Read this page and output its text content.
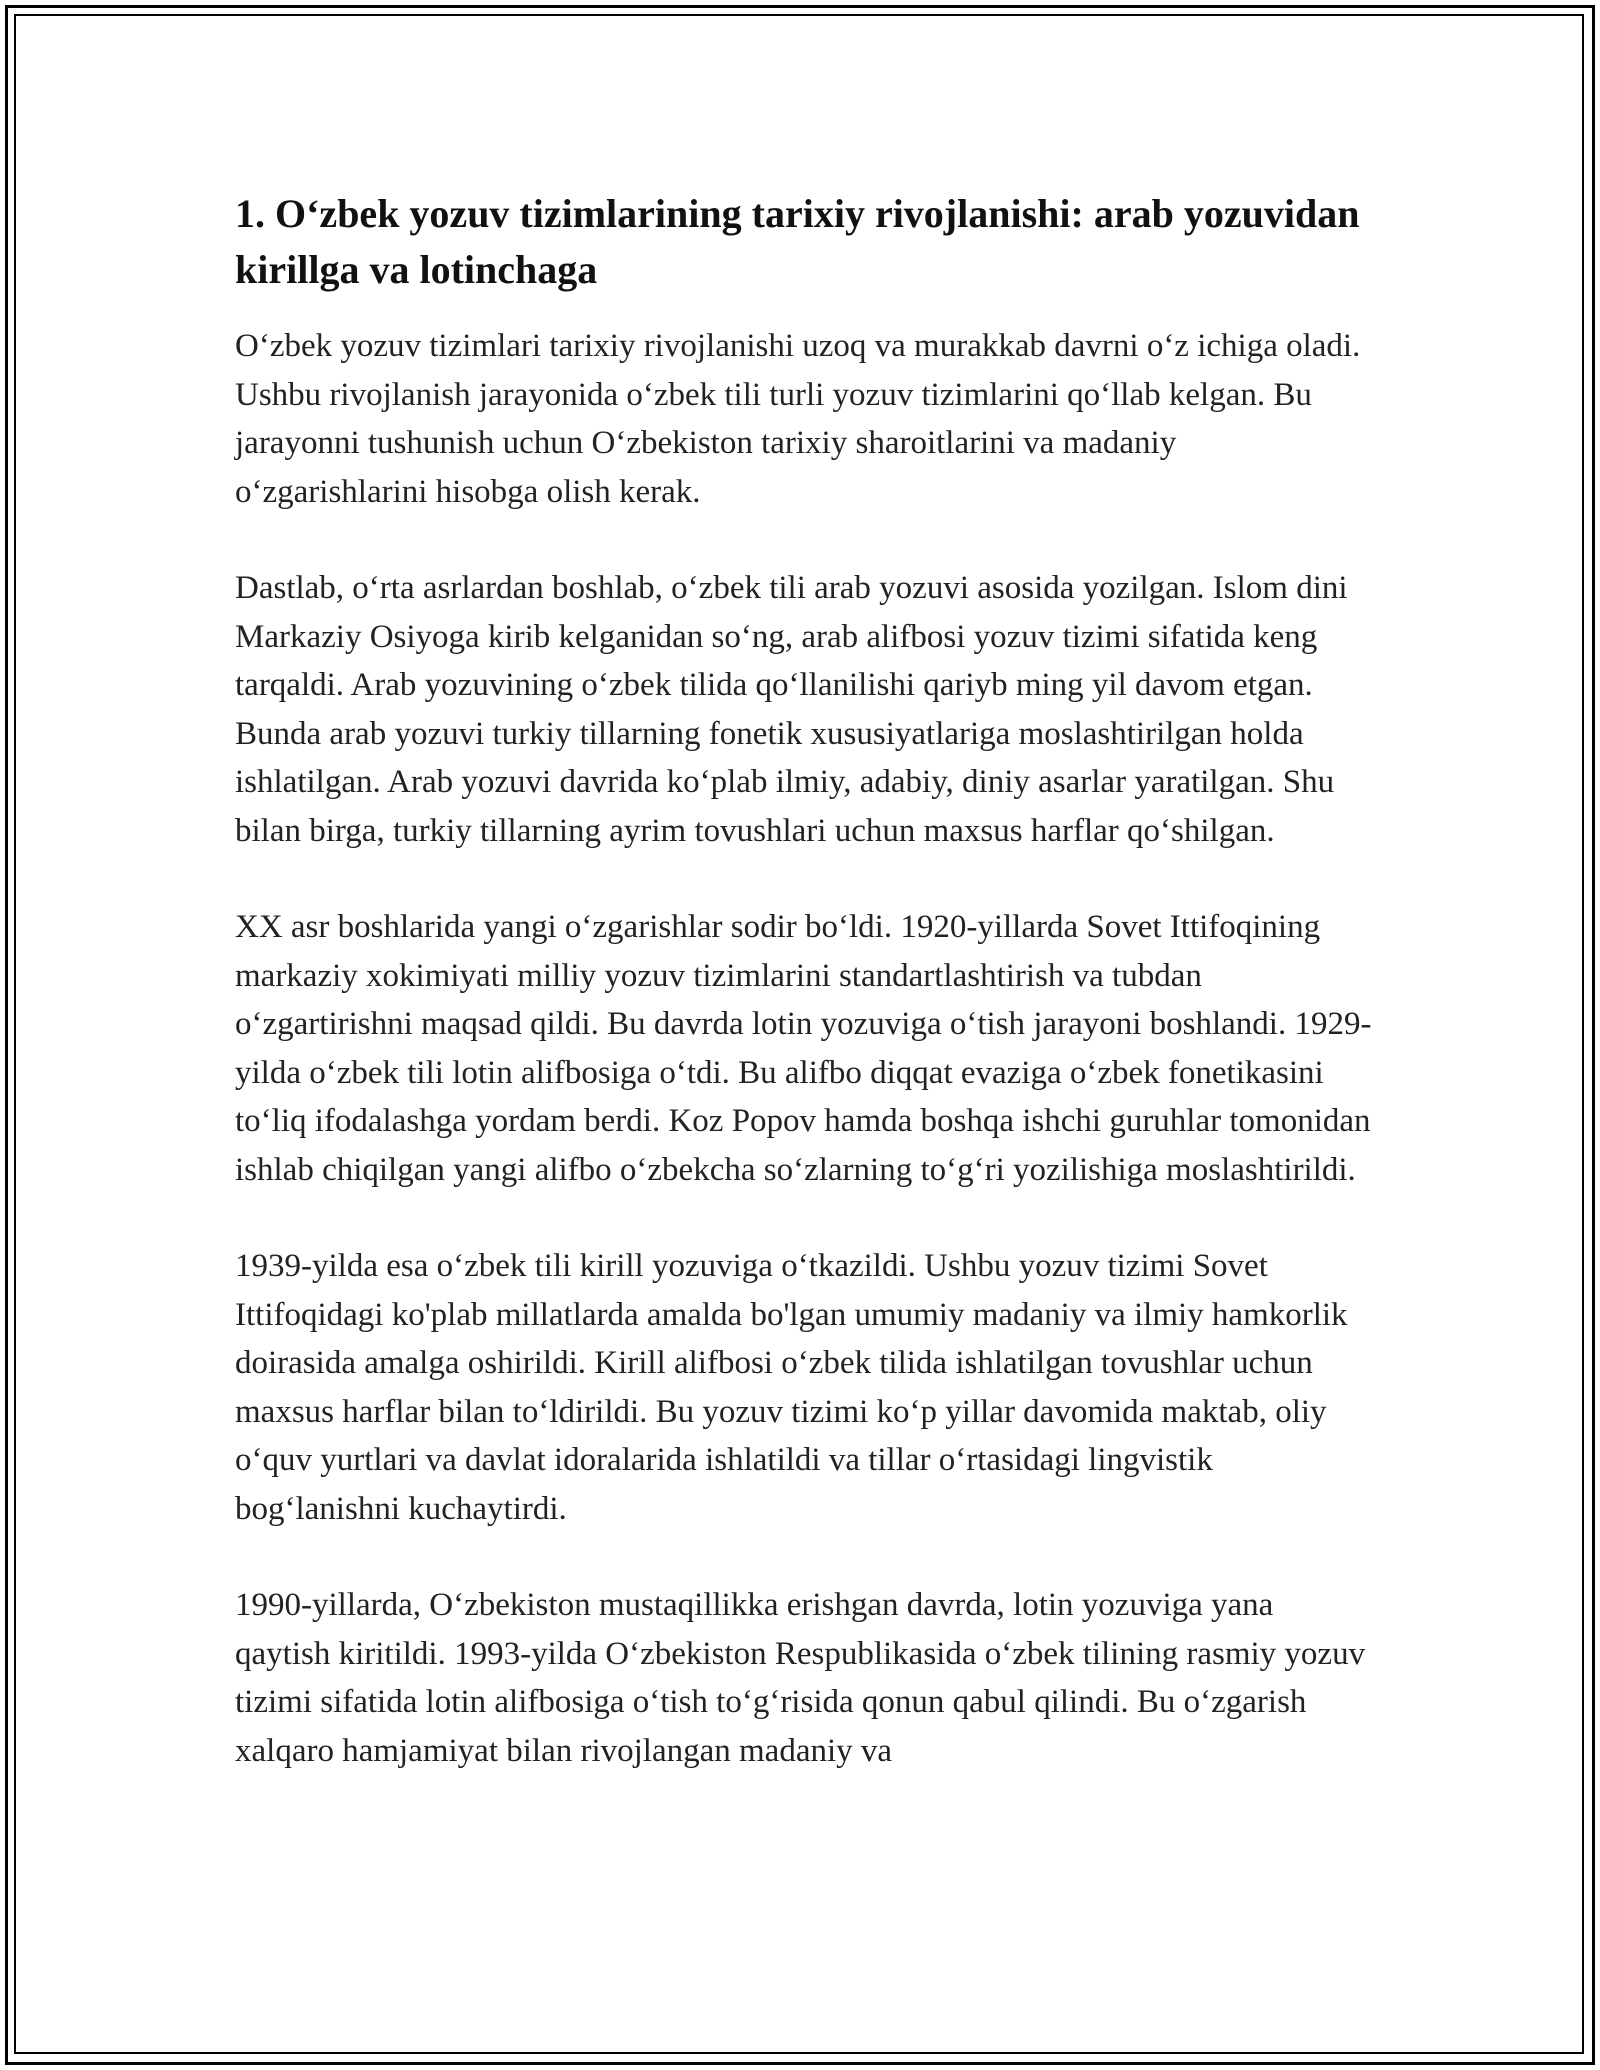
1. O‘zbek yozuv tizimlarining tarixiy rivojlanishi: arab yozuvidan kirillga va lotinchaga

O‘zbek yozuv tizimlari tarixiy rivojlanishi uzoq va murakkab davrni o‘z ichiga oladi. Ushbu rivojlanish jarayonida o‘zbek tili turli yozuv tizimlarini qo‘llab kelgan. Bu jarayonni tushunish uchun O‘zbekiston tarixiy sharoitlarini va madaniy o‘zgarishlarini hisobga olish kerak.

Dastlab, o‘rta asrlardan boshlab, o‘zbek tili arab yozuvi asosida yozilgan. Islom dini Markaziy Osiyoga kirib kelganidan so‘ng, arab alifbosi yozuv tizimi sifatida keng tarqaldi. Arab yozuvining o‘zbek tilida qo‘llanilishi qariyb ming yil davom etgan. Bunda arab yozuvi turkiy tillarning fonetik xususiyatlariga moslashtirilgan holda ishlatilgan. Arab yozuvi davrida ko‘plab ilmiy, adabiy, diniy asarlar yaratilgan. Shu bilan birga, turkiy tillarning ayrim tovushlari uchun maxsus harflar qo‘shilgan.

XX asr boshlarida yangi o‘zgarishlar sodir bo‘ldi. 1920-yillarda Sovet Ittifoqining markaziy xokimiyati milliy yozuv tizimlarini standartlashtirish va tubdan o‘zgartirishni maqsad qildi. Bu davrda lotin yozuviga o‘tish jarayoni boshlandi. 1929-yilda o‘zbek tili lotin alifbosiga o‘tdi. Bu alifbo diqqat evaziga o‘zbek fonetikasini to‘liq ifodalashga yordam berdi. Koz Popov hamda boshqa ishchi guruhlar tomonidan ishlab chiqilgan yangi alifbo o‘zbekcha so‘zlarning to‘g‘ri yozilishiga moslashtirildi.

1939-yilda esa o‘zbek tili kirill yozuviga o‘tkazildi. Ushbu yozuv tizimi Sovet Ittifoqidagi ko'plab millatlarda amalda bo'lgan umumiy madaniy va ilmiy hamkorlik doirasida amalga oshirildi. Kirill alifbosi o‘zbek tilida ishlatilgan tovushlar uchun maxsus harflar bilan to‘ldirildi. Bu yozuv tizimi ko‘p yillar davomida maktab, oliy o‘quv yurtlari va davlat idoralarida ishlatildi va tillar o‘rtasidagi lingvistik bog‘lanishni kuchaytirdi.

1990-yillarda, O‘zbekiston mustaqillikka erishgan davrda, lotin yozuviga yana qaytish kiritildi. 1993-yilda O‘zbekiston Respublikasida o‘zbek tilining rasmiy yozuv tizimi sifatida lotin alifbosiga o‘tish to‘g‘risida qonun qabul qilindi. Bu o‘zgarish xalqaro hamjamiyat bilan rivojlangan madaniy va
